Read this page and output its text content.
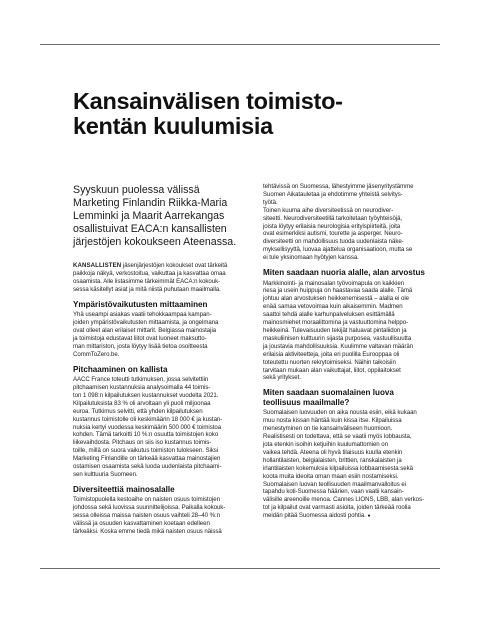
Kansainvälisen toimisto-
kentän kuulumisia

Syyskuun puolessa välissä
Marketing Finlandin Riikka-Maria
Lemminki ja Maarit Aarrekangas
osallistuivat EACA:n kansallisten
järjestöjen kokoukseen Ateenassa.

KANSALLISTEN jäsenjärjestöjen kokoukset ovat tärkeitä
paikkoja näkyä, verkostoitua, vaikuttaa ja kasvattaa omaa
osaamista. Alle listasimme tärkeimmät EACA:n kokouk-
sessa käsitellyt asiat ja mitä niistä puhutaan maailmalla.

Ympäristövaikutusten mittaaminen

Yhä useampi asiakas vaatii tehokkaampaa kampan-
joiden ympäristövaikutusten mittaamista, ja ongelmana
ovat olleet alan erilaiset mittarit. Belgiassa mainostajia
ja toimistoja edustavat liitot ovat luoneet maksutto-
man mittariston, josta löytyy lisää tietoa osoitteesta
CommToZero.be.

Pitchaaminen on kallista

AACC France toteutti tutkimuksen, jossa selvitettiin
pitchaamisen kustannuksia analysoimalla 44 toimis-
ton 1 098:n kilpailutuksen kustannukset vuodelta 2021.
Kilpailutuksista 83 % oli arvoltaan yli puoli miljoonaa
euroa. Tutkimus selvitti, että yhden kilpailutuksen
kustannus toimistolle oli keskimäärin 18 000 € ja kustan-
nuksia kertyi vuodessa keskimäärin 500 000 € toimistoa
kohden. Tämä tarkoitti 10 %:n osuutta toimistojen koko
liikevaihdosta. Pitchaus on siis iso kustannus toimis-
toille, millä on suora vaikutus toimiston tulokseen. Siksi
Marketing Finlandille on tärkeää kasvattaa mainostajien
ostamisen osaamista sekä luoda uudenlaista pitchaami-
sen kulttuuria Suomeen.

Diversiteettiä mainosalalle

Toimistopuolella kestoaihe on naisten osuus toimistojen
johdossa sekä luovissa suunnittelijoissa. Paikalla kokouk-
sessa olleissa maissa naisten osuus vaihteli 28–40 %:n
välissä ja osuuden kasvattaminen koetaan edelleen
tärkeäksi. Koska emme tiedä mikä naisten osuus näissä

tehtävissä on Suomessa, lähestyimme jäsenyritystämme
Suomen Aikatauletaa ja ehdotimme yhteistä selvitys-
työtä.
Toinen kuuma aihe diversiteetissä on neurodiver-
siteetti. Neurodiversiteetillä tarkoitetaan työyhteisöjä,
joista löytyy erilaisia neurologisia erityispiirteitä, joita
ovat esimerkiksi autismi, tourette ja asperger. Neuro-
diversiteetti on mahdollisuus tuoda uudenlaista näke-
myksellisyyttä, luovaa ajattelua organisaatioon, mutta se
ei tule yksinomaan hyötyjen kanssa.

Miten saadaan nuoria alalle, alan arvostus

Markkinointi- ja mainosalan työvoimapula on kaikkien
riesa ja usein huippuja on haastavaa saada alalle. Tämä
johtuu alan arvostuksen heikkenemisestä – alalla ei ole
enää samaa vetovoimaa kuin aikaisemmin. Madmen
saattoi tehdä alalle karhunpalveluksen esittämällä
mainosmiehet moraalittomina ja vastuuttomina helppo-
heikkeinä. Tulevaisuuden tekijät haluavat pintaliidon ja
maskuliinisen kulttuurin sijasta purposea, vastuullisuutta
ja joustavia mahdollisuuksia. Kuulimme valtavan määrän
erilaisia aktiviteetteja, joita eri puolilla Eurooppaa oli
toteutettu nuorten rekrytoimiseksi. Näihin taikoisiin
tarvitaan mukaan alan vaikuttajat, liitot, oppilaitokset
sekä yritykset.

Miten saadaan suomalainen luova
teollisuus maailmalle?

Suomalaisen luovuuden on aika nousta esiin, eikä kukaan
muu nosta kissan häntää kuin kissa itse. Kilpailuissa
menestyminen on tie kansainväliseen huomioon.
Realistisesti on todettava, että se vaatii myös lobbausta,
jota etenkin isoihin ketjuihin kuulumattomien on
vaikea tehdä. Ateena oli hyvä tilaisuus kuulla etenkin
hollantilaisten, belgialaisten, brittien, ranskalaisten ja
irlantilaisten kokemuksia kilpailuissa lobbaamisesta sekä
koota muita ideoita oman maan esiin nostamiseksi.
Suomalaisen luovan teollisuuden maailmanvalloitus ei
tapahdu koti-Suomessa häärien, vaan vaatii kansain-
välisille areenoille menoa. Cannes LIONS, LBB, alan verkos-
tot ja kilpailut ovat varmasti asioita, joiden tärkeää roolia
meidän pitää Suomessa aidosti pohtia. ●
